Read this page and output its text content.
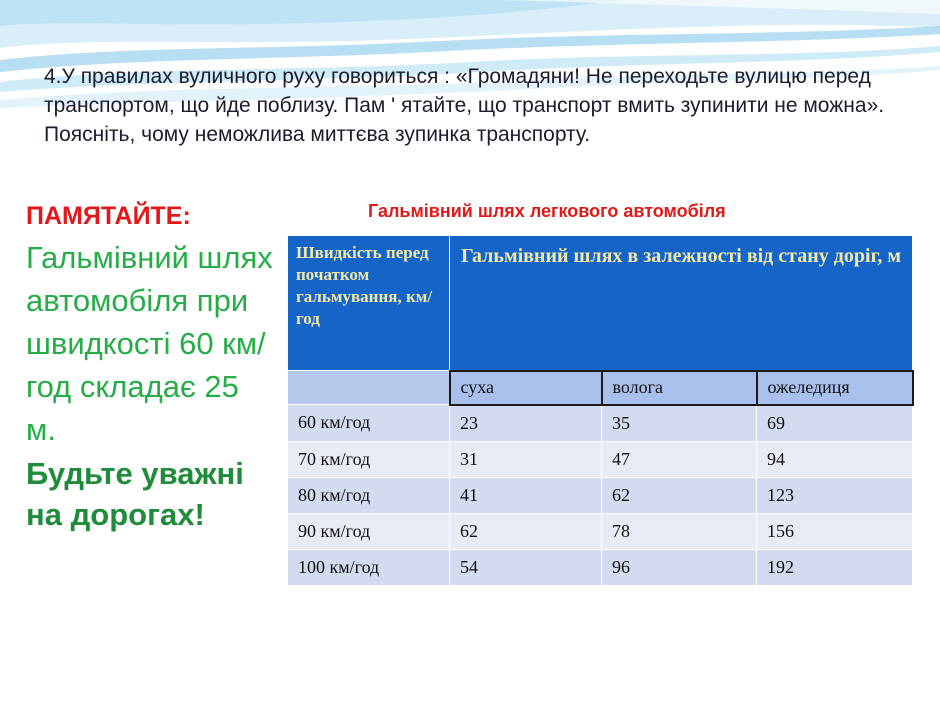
4.У правилах вуличного руху говориться : «Громадяни! Не переходьте вулицю перед транспортом, що йде поблизу. Пам ' ятайте, що транспорт вмить зупинити не можна». Поясніть, чому неможлива миттєва зупинка транспорту.

ПАМЯТАЙТЕ:
Гальмівний шлях автомобіля при швидкості 60 км/год складає 25 м.
Будьте уважні на дорогах!
Гальмівний шлях легкового автомобіля
Швидкість перед початком гальмування, км/год	Гальмівний шлях в залежності від стану доріг, м		
	суха	волога	ожеледиця
60 км/год	23	35	69
70 км/год	31	47	94
80 км/год	41	62	123
90 км/год	62	78	156
100 км/год	54	96	192
